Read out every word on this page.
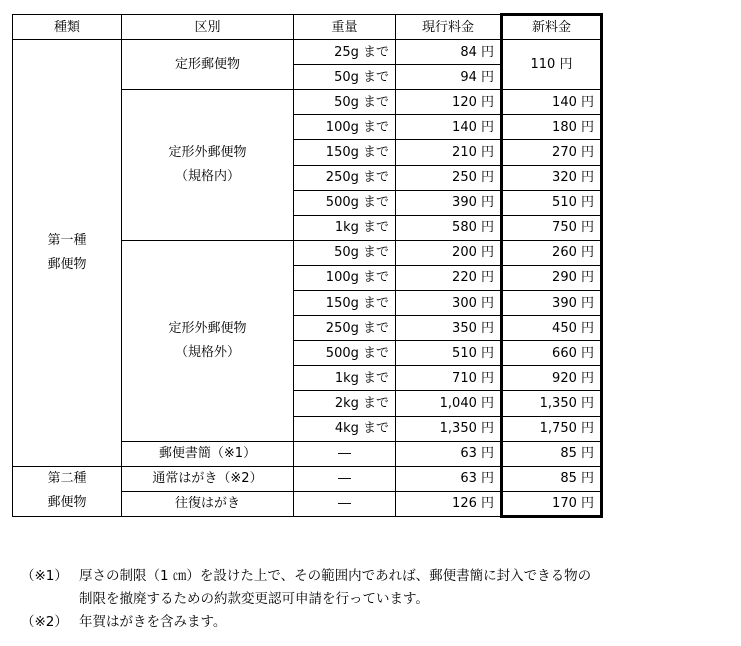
種類	区別	重量	現行料金	新料金

第一種
郵便物	定形郵便物	25g まで	84 円	110 円
		50g まで	94 円	

	定形外郵便物
（規格内）	50g まで	120 円	140 円
		100g まで	140 円	180 円
		150g まで	210 円	270 円
		250g まで	250 円	320 円
		500g まで	390 円	510 円
		1kg まで	580 円	750 円

	定形外郵便物
（規格外）	50g まで	200 円	260 円
		100g まで	220 円	290 円
		150g まで	300 円	390 円
		250g まで	350 円	450 円
		500g まで	510 円	660 円
		1kg まで	710 円	920 円
		2kg まで	1,040 円	1,350 円
		4kg まで	1,350 円	1,750 円
	郵便書簡（※1）	―	63 円	85 円

第二種
郵便物	通常はがき（※2）	―	63 円	85 円
	往復はがき	―	126 円	170 円
（※1） 厚さの制限（1 ㎝）を設けた上で、その範囲内であれば、郵便書簡に封入できる物の
制限を撤廃するための約款変更認可申請を行っています。
（※2） 年賀はがきを含みます。
